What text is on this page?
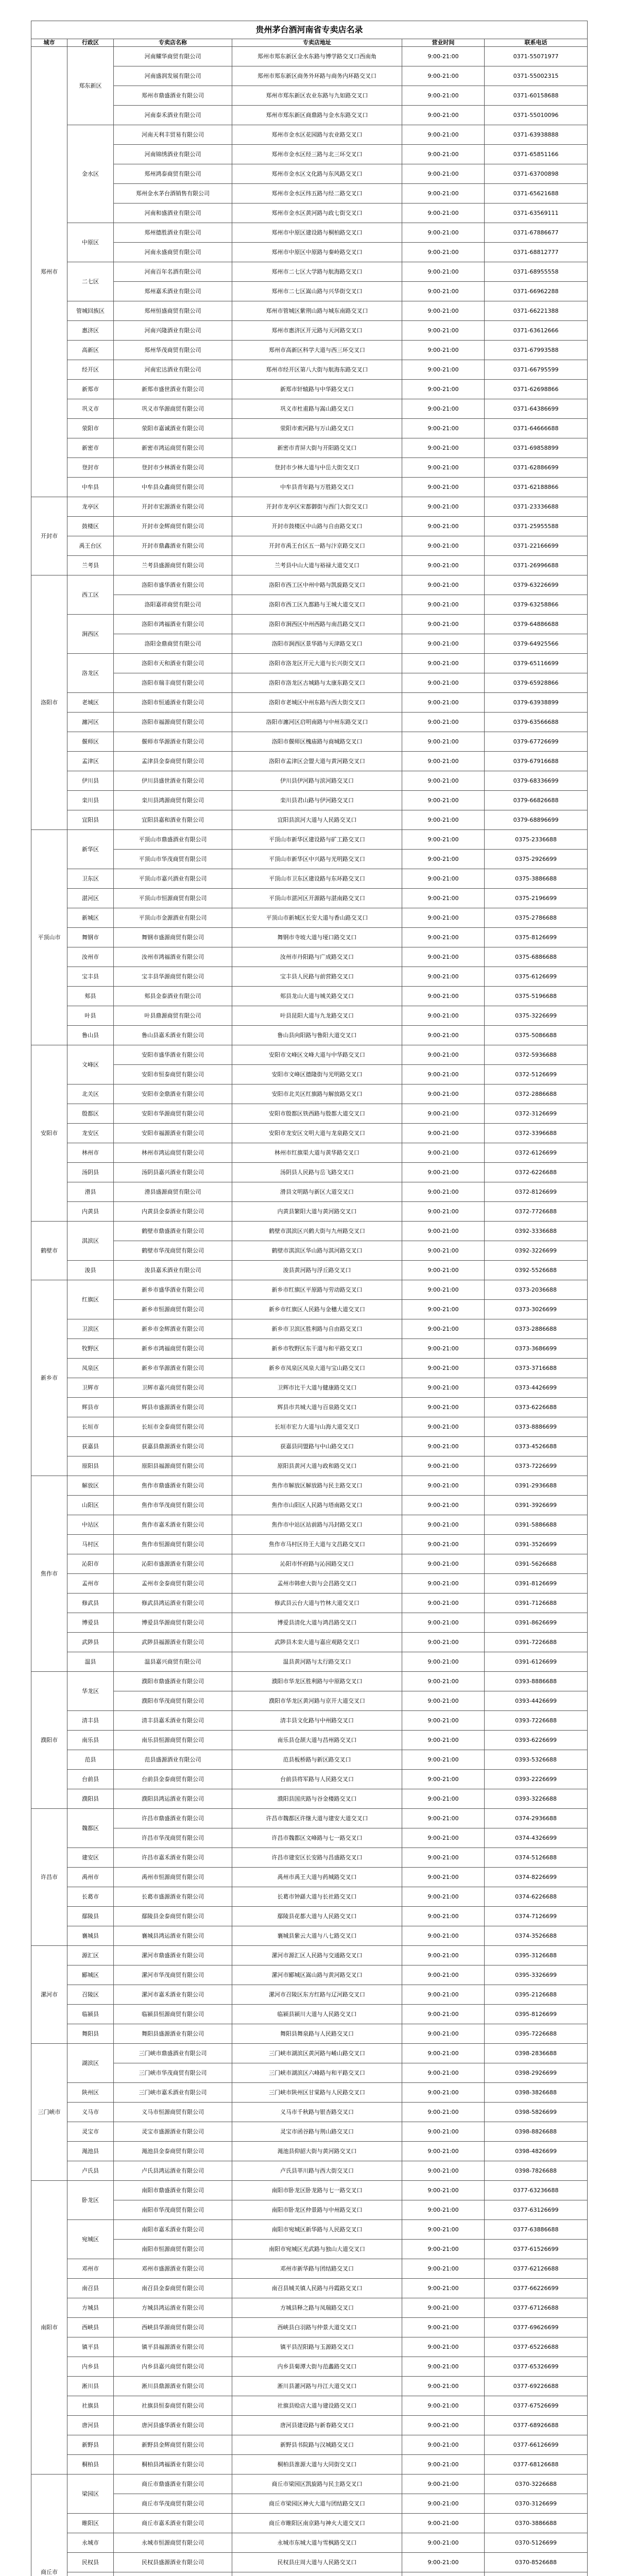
贵州茅台酒河南省专卖店名录					
城市	行政区	专卖店名称	专卖店地址	营业时间	联系电话
郑州市	郑东新区	河南耀华商贸有限公司	郑州市郑东新区金水东路与博学路交叉口西南角	9:00-21:00	0371-55071977
		河南盛润发展有限公司	郑州市郑东新区商务外环路与商务内环路交叉口	9:00-21:00	0371-55002315
		郑州市鼎盛酒业有限公司	郑州市郑东新区农业东路与九如路交叉口	9:00-21:00	0371-60158688
		河南泰禾酒业有限公司	郑州市郑东新区商鼎路与金水东路交叉口	9:00-21:00	0371-55010096
	金水区	河南天利丰贸易有限公司	郑州市金水区花园路与农业路交叉口	9:00-21:00	0371-63938888
		河南锦绣酒业有限公司	郑州市金水区经三路与北三环交叉口	9:00-21:00	0371-65851166
		郑州鸿泰商贸有限公司	郑州市金水区文化路与东风路交叉口	9:00-21:00	0371-63700898
		郑州金水茅台酒销售有限公司	郑州市金水区纬五路与经二路交叉口	9:00-21:00	0371-65621688
		河南和盛酒业有限公司	郑州市金水区黄河路与政七街交叉口	9:00-21:00	0371-63569111
	中原区	郑州德胜酒业有限公司	郑州市中原区建设路与桐柏路交叉口	9:00-21:00	0371-67886677
		河南永盛商贸有限公司	郑州市中原区中原路与秦岭路交叉口	9:00-21:00	0371-68812777
	二七区	河南百年名酒有限公司	郑州市二七区大学路与航海路交叉口	9:00-21:00	0371-68955558
		郑州嘉禾酒业有限公司	郑州市二七区嵩山路与兴华街交叉口	9:00-21:00	0371-66962288
	管城回族区	郑州恒盛商贸有限公司	郑州市管城区紫荆山路与城东南路交叉口	9:00-21:00	0371-66221388
	惠济区	河南兴隆酒业有限公司	郑州市惠济区开元路与天河路交叉口	9:00-21:00	0371-63612666
	高新区	郑州华茂商贸有限公司	郑州市高新区科学大道与西三环交叉口	9:00-21:00	0371-67993588
	经开区	河南宏达酒业有限公司	郑州市经开区第八大街与航海东路交叉口	9:00-21:00	0371-66795599
	新郑市	新郑市盛世酒业有限公司	新郑市轩辕路与中华路交叉口	9:00-21:00	0371-62698866
	巩义市	巩义市华源商贸有限公司	巩义市杜甫路与嵩山路交叉口	9:00-21:00	0371-64386699
	荥阳市	荥阳市嘉诚酒业有限公司	荥阳市索河路与万山路交叉口	9:00-21:00	0371-64666688
	新密市	新密市鸿运商贸有限公司	新密市青屏大街与开阳路交叉口	9:00-21:00	0371-69858899
	登封市	登封市少林酒业有限公司	登封市少林大道与中岳大街交叉口	9:00-21:00	0371-62886699
	中牟县	中牟县众鑫商贸有限公司	中牟县青年路与万胜路交叉口	9:00-21:00	0371-62188866
开封市	龙亭区	开封市宏源酒业有限公司	开封市龙亭区宋都御街与西门大街交叉口	9:00-21:00	0371-23336688
	鼓楼区	开封市金辉商贸有限公司	开封市鼓楼区中山路与自由路交叉口	9:00-21:00	0371-25955588
	禹王台区	开封市鼎鑫酒业有限公司	开封市禹王台区五一路与汴京路交叉口	9:00-21:00	0371-22166699
	兰考县	兰考县盛源商贸有限公司	兰考县中山大道与裕禄大道交叉口	9:00-21:00	0371-26996688
洛阳市	西工区	洛阳市盛华酒业有限公司	洛阳市西工区中州中路与凯旋路交叉口	9:00-21:00	0379-63226699
		洛阳嘉祥商贸有限公司	洛阳市西工区九都路与王城大道交叉口	9:00-21:00	0379-63258866
	涧西区	洛阳市鸿福酒业有限公司	洛阳市涧西区中州西路与南昌路交叉口	9:00-21:00	0379-64886688
		洛阳金鼎商贸有限公司	洛阳市涧西区景华路与天津路交叉口	9:00-21:00	0379-64925566
	洛龙区	洛阳市天和酒业有限公司	洛阳市洛龙区开元大道与长兴街交叉口	9:00-21:00	0379-65116699
		洛阳市瑞丰商贸有限公司	洛阳市洛龙区古城路与太康东路交叉口	9:00-21:00	0379-65928866
	老城区	洛阳市恒通酒业有限公司	洛阳市老城区中州东路与西大街交叉口	9:00-21:00	0379-63938899
	瀍河区	洛阳市福源商贸有限公司	洛阳市瀍河区启明南路与中州东路交叉口	9:00-21:00	0379-63566688
	偃师区	偃师市华源酒业有限公司	洛阳市偃师区槐庙路与商城路交叉口	9:00-21:00	0379-67726699
	孟津区	孟津县金泰商贸有限公司	洛阳市孟津区会盟大道与黄河路交叉口	9:00-21:00	0379-67916688
	伊川县	伊川县盛世酒业有限公司	伊川县伊河路与滨河路交叉口	9:00-21:00	0379-68336699
	栾川县	栾川县鸿源商贸有限公司	栾川县君山路与伊河路交叉口	9:00-21:00	0379-66826688
	宜阳县	宜阳县嘉和酒业有限公司	宜阳县滨河大道与人民路交叉口	9:00-21:00	0379-68896699
平顶山市	新华区	平顶山市鼎盛酒业有限公司	平顶山市新华区建设路与矿工路交叉口	9:00-21:00	0375-2336688
		平顶山市华茂商贸有限公司	平顶山市新华区中兴路与光明路交叉口	9:00-21:00	0375-2926699
	卫东区	平顶山市嘉兴酒业有限公司	平顶山市卫东区建设路与东环路交叉口	9:00-21:00	0375-3886688
	湛河区	平顶山市恒源商贸有限公司	平顶山市湛河区开源路与湛南路交叉口	9:00-21:00	0375-2196699
	新城区	平顶山市金源酒业有限公司	平顶山市新城区长安大道与香山路交叉口	9:00-21:00	0375-2786688
	舞钢市	舞钢市盛源商贸有限公司	舞钢市寺坡大道与垭口路交叉口	9:00-21:00	0375-8126699
	汝州市	汝州市鸿福酒业有限公司	汝州市丹阳路与广成路交叉口	9:00-21:00	0375-6886688
	宝丰县	宝丰县华源商贸有限公司	宝丰县人民路与前营路交叉口	9:00-21:00	0375-6126699
	郏县	郏县金泰酒业有限公司	郏县龙山大道与城关路交叉口	9:00-21:00	0375-5196688
	叶县	叶县鼎源商贸有限公司	叶县昆阳大道与九龙路交叉口	9:00-21:00	0375-3226699
	鲁山县	鲁山县嘉禾酒业有限公司	鲁山县向阳路与鲁阳大道交叉口	9:00-21:00	0375-5086688
安阳市	文峰区	安阳市盛华酒业有限公司	安阳市文峰区文峰大道与中华路交叉口	9:00-21:00	0372-5936688
		安阳市恒泰商贸有限公司	安阳市文峰区德隆街与光明路交叉口	9:00-21:00	0372-5126699
	北关区	安阳市金鼎酒业有限公司	安阳市北关区红旗路与解放路交叉口	9:00-21:00	0372-2886688
	殷都区	安阳市华源商贸有限公司	安阳市殷都区铁西路与殷都大道交叉口	9:00-21:00	0372-3126699
	龙安区	安阳市福源酒业有限公司	安阳市龙安区文明大道与龙泉路交叉口	9:00-21:00	0372-3396688
	林州市	林州市鸿运商贸有限公司	林州市红旗渠大道与黄华路交叉口	9:00-21:00	0372-6126699
	汤阴县	汤阴县嘉兴酒业有限公司	汤阴县人民路与岳飞路交叉口	9:00-21:00	0372-6226688
	滑县	滑县盛源商贸有限公司	滑县文明路与新区大道交叉口	9:00-21:00	0372-8126699
	内黄县	内黄县金泰酒业有限公司	内黄县繁阳大道与黄河路交叉口	9:00-21:00	0372-7726688
鹤壁市	淇滨区	鹤壁市鼎盛酒业有限公司	鹤壁市淇滨区兴鹤大街与九州路交叉口	9:00-21:00	0392-3336688
		鹤壁市华茂商贸有限公司	鹤壁市淇滨区华山路与淇河路交叉口	9:00-21:00	0392-3226699
	浚县	浚县嘉禾酒业有限公司	浚县黄河路与浮丘路交叉口	9:00-21:00	0392-5526688
新乡市	红旗区	新乡市盛华酒业有限公司	新乡市红旗区平原路与劳动路交叉口	9:00-21:00	0373-2036688
		新乡市恒源商贸有限公司	新乡市红旗区人民路与金穗大道交叉口	9:00-21:00	0373-3026699
	卫滨区	新乡市金辉酒业有限公司	新乡市卫滨区胜利路与自由路交叉口	9:00-21:00	0373-2886688
	牧野区	新乡市鸿福商贸有限公司	新乡市牧野区东干道与和平路交叉口	9:00-21:00	0373-3686699
	凤泉区	新乡市华源酒业有限公司	新乡市凤泉区凤泉大道与宝山路交叉口	9:00-21:00	0373-3716688
	卫辉市	卫辉市嘉兴商贸有限公司	卫辉市比干大道与健康路交叉口	9:00-21:00	0373-4426699
	辉县市	辉县市盛源酒业有限公司	辉县市共城大道与百泉路交叉口	9:00-21:00	0373-6226688
	长垣市	长垣市金泰商贸有限公司	长垣市宏力大道与山海大道交叉口	9:00-21:00	0373-8886699
	获嘉县	获嘉县鼎源酒业有限公司	获嘉县同盟路与中山路交叉口	9:00-21:00	0373-4526688
	原阳县	原阳县福源商贸有限公司	原阳县黄河大道与政和路交叉口	9:00-21:00	0373-7226699
焦作市	解放区	焦作市鼎盛酒业有限公司	焦作市解放区解放路与民主路交叉口	9:00-21:00	0391-2936688
	山阳区	焦作市华茂商贸有限公司	焦作市山阳区人民路与塔南路交叉口	9:00-21:00	0391-3926699
	中站区	焦作市嘉禾酒业有限公司	焦作市中站区站前路与冯封路交叉口	9:00-21:00	0391-5886688
	马村区	焦作市恒源商贸有限公司	焦作市马村区待王大道与文昌路交叉口	9:00-21:00	0391-3526699
	沁阳市	沁阳市盛源酒业有限公司	沁阳市怀府路与沁园路交叉口	9:00-21:00	0391-5626688
	孟州市	孟州市金泰商贸有限公司	孟州市韩愈大街与会昌路交叉口	9:00-21:00	0391-8126699
	修武县	修武县鸿运酒业有限公司	修武县云台大道与竹林大道交叉口	9:00-21:00	0391-7126688
	博爱县	博爱县华源商贸有限公司	博爱县清化大道与鸿昌路交叉口	9:00-21:00	0391-8626699
	武陟县	武陟县福源酒业有限公司	武陟县木栾大道与嘉应观路交叉口	9:00-21:00	0391-7226688
	温县	温县嘉兴商贸有限公司	温县黄河路与太行路交叉口	9:00-21:00	0391-6126699
濮阳市	华龙区	濮阳市鼎盛酒业有限公司	濮阳市华龙区胜利路与中原路交叉口	9:00-21:00	0393-8886688
		濮阳市华茂商贸有限公司	濮阳市华龙区黄河路与京开大道交叉口	9:00-21:00	0393-4426699
	清丰县	清丰县嘉禾酒业有限公司	清丰县文化路与中州路交叉口	9:00-21:00	0393-7226688
	南乐县	南乐县恒源商贸有限公司	南乐县仓颉大道与昌州路交叉口	9:00-21:00	0393-6226699
	范县	范县盛源酒业有限公司	范县板桥路与新区路交叉口	9:00-21:00	0393-5326688
	台前县	台前县金泰商贸有限公司	台前县将军路与人民路交叉口	9:00-21:00	0393-2226699
	濮阳县	濮阳县鸿运酒业有限公司	濮阳县国庆路与谷金楼路交叉口	9:00-21:00	0393-3226688
许昌市	魏都区	许昌市鼎盛酒业有限公司	许昌市魏都区许继大道与建安大道交叉口	9:00-21:00	0374-2936688
		许昌市华茂商贸有限公司	许昌市魏都区文峰路与七一路交叉口	9:00-21:00	0374-4326699
	建安区	许昌市嘉禾酒业有限公司	许昌市建安区长安路与昌盛路交叉口	9:00-21:00	0374-5126688
	禹州市	禹州市恒源商贸有限公司	禹州市禹王大道与药城路交叉口	9:00-21:00	0374-8226699
	长葛市	长葛市盛源酒业有限公司	长葛市钟繇大道与长社路交叉口	9:00-21:00	0374-6226688
	鄢陵县	鄢陵县金泰商贸有限公司	鄢陵县花都大道与人民路交叉口	9:00-21:00	0374-7126699
	襄城县	襄城县鸿运酒业有限公司	襄城县紫云大道与八七路交叉口	9:00-21:00	0374-3526688
漯河市	源汇区	漯河市鼎盛酒业有限公司	漯河市源汇区人民路与交通路交叉口	9:00-21:00	0395-3126688
	郾城区	漯河市华茂商贸有限公司	漯河市郾城区嵩山路与黄河路交叉口	9:00-21:00	0395-3326699
	召陵区	漯河市嘉禾酒业有限公司	漯河市召陵区东方红路与辽河路交叉口	9:00-21:00	0395-2126688
	临颍县	临颍县恒源商贸有限公司	临颍县颍川大道与人民路交叉口	9:00-21:00	0395-8126699
	舞阳县	舞阳县盛源酒业有限公司	舞阳县舞泉路与人民路交叉口	9:00-21:00	0395-7226688
三门峡市	湖滨区	三门峡市鼎盛酒业有限公司	三门峡市湖滨区黄河路与崤山路交叉口	9:00-21:00	0398-2836688
		三门峡市华茂商贸有限公司	三门峡市湖滨区六峰路与和平路交叉口	9:00-21:00	0398-2926699
	陕州区	三门峡市嘉禾酒业有限公司	三门峡市陕州区甘棠路与人民路交叉口	9:00-21:00	0398-3826688
	义马市	义马市恒源商贸有限公司	义马市千秋路与银杏路交叉口	9:00-21:00	0398-5826699
	灵宝市	灵宝市盛源酒业有限公司	灵宝市函谷路与荆山路交叉口	9:00-21:00	0398-8826688
	渑池县	渑池县金泰商贸有限公司	渑池县仰韶大街与黄河路交叉口	9:00-21:00	0398-4826699
	卢氏县	卢氏县鸿运酒业有限公司	卢氏县莘川路与西大街交叉口	9:00-21:00	0398-7826688
南阳市	卧龙区	南阳市鼎盛酒业有限公司	南阳市卧龙区卧龙路与七一路交叉口	9:00-21:00	0377-63236688
		南阳市华茂商贸有限公司	南阳市卧龙区仲景路与中州路交叉口	9:00-21:00	0377-63126699
	宛城区	南阳市嘉禾酒业有限公司	南阳市宛城区新华路与人民路交叉口	9:00-21:00	0377-63886688
		南阳市恒源商贸有限公司	南阳市宛城区光武路与独山大道交叉口	9:00-21:00	0377-61526699
	邓州市	邓州市盛源酒业有限公司	邓州市新华路与团结路交叉口	9:00-21:00	0377-62126688
	南召县	南召县金泰商贸有限公司	南召县城关镇人民路与丹霞路交叉口	9:00-21:00	0377-66226699
	方城县	方城县鸿运酒业有限公司	方城县释之路与凤瑞路交叉口	9:00-21:00	0377-67126688
	西峡县	西峡县华源商贸有限公司	西峡县白羽路与仲景大道交叉口	9:00-21:00	0377-69626699
	镇平县	镇平县福源酒业有限公司	镇平县涅阳路与玉源路交叉口	9:00-21:00	0377-65226688
	内乡县	内乡县嘉兴商贸有限公司	内乡县菊潭大街与范蠡路交叉口	9:00-21:00	0377-65326699
	淅川县	淅川县鼎源酒业有限公司	淅川县灌河路与丹江大道交叉口	9:00-21:00	0377-69226688
	社旗县	社旗县恒泰商贸有限公司	社旗县赊店大道与建设路交叉口	9:00-21:00	0377-67526699
	唐河县	唐河县盛华酒业有限公司	唐河县建设路与新春路交叉口	9:00-21:00	0377-68926688
	新野县	新野县金辉商贸有限公司	新野县书院路与汉城路交叉口	9:00-21:00	0377-66126699
	桐柏县	桐柏县鸿福酒业有限公司	桐柏县淮源大道与大同街交叉口	9:00-21:00	0377-68126688
商丘市	梁园区	商丘市鼎盛酒业有限公司	商丘市梁园区凯旋路与民主路交叉口	9:00-21:00	0370-3226688
		商丘市华茂商贸有限公司	商丘市梁园区神火大道与团结路交叉口	9:00-21:00	0370-3126699
	睢阳区	商丘市嘉禾酒业有限公司	商丘市睢阳区南京路与神火大道交叉口	9:00-21:00	0370-3886688
	永城市	永城市恒源商贸有限公司	永城市东城大道与雪枫路交叉口	9:00-21:00	0370-5126699
	民权县	民权县盛源酒业有限公司	民权县庄周大道与人民路交叉口	9:00-21:00	0370-8526688
